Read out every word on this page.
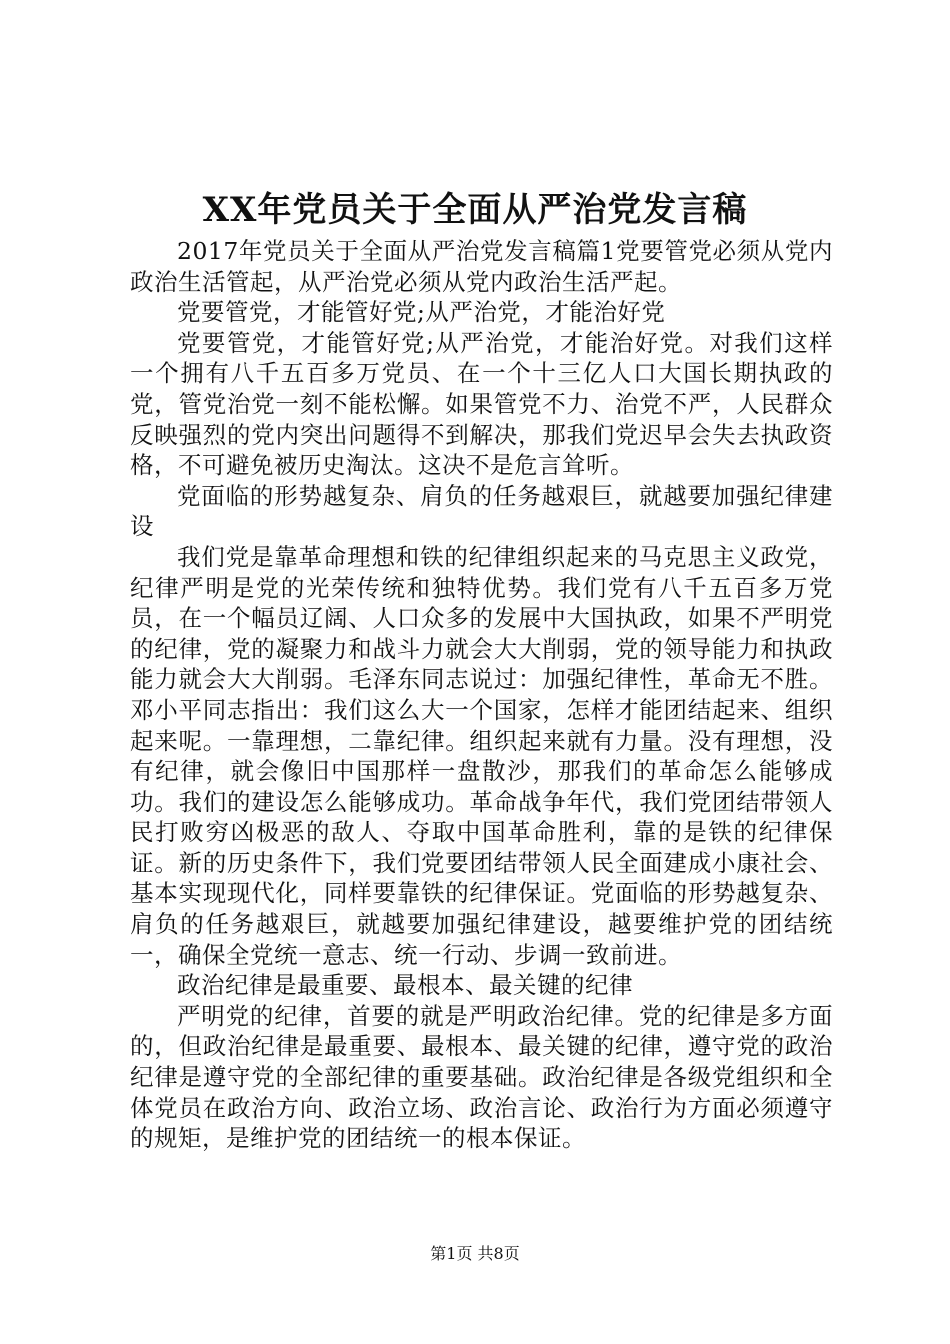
XX年党员关于全面从严治党发言稿

2017年党员关于全面从严治党发言稿篇1党要管党必须从党内政治生活管起，从严治党必须从党内政治生活严起。

党要管党，才能管好党;从严治党，才能治好党

党要管党，才能管好党;从严治党，才能治好党。对我们这样一个拥有八千五百多万党员、在一个十三亿人口大国长期执政的党，管党治党一刻不能松懈。如果管党不力、治党不严，人民群众反映强烈的党内突出问题得不到解决，那我们党迟早会失去执政资格，不可避免被历史淘汰。这决不是危言耸听。

党面临的形势越复杂、肩负的任务越艰巨，就越要加强纪律建设

我们党是靠革命理想和铁的纪律组织起来的马克思主义政党，纪律严明是党的光荣传统和独特优势。我们党有八千五百多万党员，在一个幅员辽阔、人口众多的发展中大国执政，如果不严明党的纪律，党的凝聚力和战斗力就会大大削弱，党的领导能力和执政能力就会大大削弱。毛泽东同志说过：加强纪律性，革命无不胜。邓小平同志指出：我们这么大一个国家，怎样才能团结起来、组织起来呢。一靠理想，二靠纪律。组织起来就有力量。没有理想，没有纪律，就会像旧中国那样一盘散沙，那我们的革命怎么能够成功。我们的建设怎么能够成功。革命战争年代，我们党团结带领人民打败穷凶极恶的敌人、夺取中国革命胜利，靠的是铁的纪律保证。新的历史条件下，我们党要团结带领人民全面建成小康社会、基本实现现代化，同样要靠铁的纪律保证。党面临的形势越复杂、肩负的任务越艰巨，就越要加强纪律建设，越要维护党的团结统一，确保全党统一意志、统一行动、步调一致前进。

政治纪律是最重要、最根本、最关键的纪律

严明党的纪律，首要的就是严明政治纪律。党的纪律是多方面的，但政治纪律是最重要、最根本、最关键的纪律，遵守党的政治纪律是遵守党的全部纪律的重要基础。政治纪律是各级党组织和全体党员在政治方向、政治立场、政治言论、政治行为方面必须遵守的规矩，是维护党的团结统一的根本保证。

第1页 共8页
